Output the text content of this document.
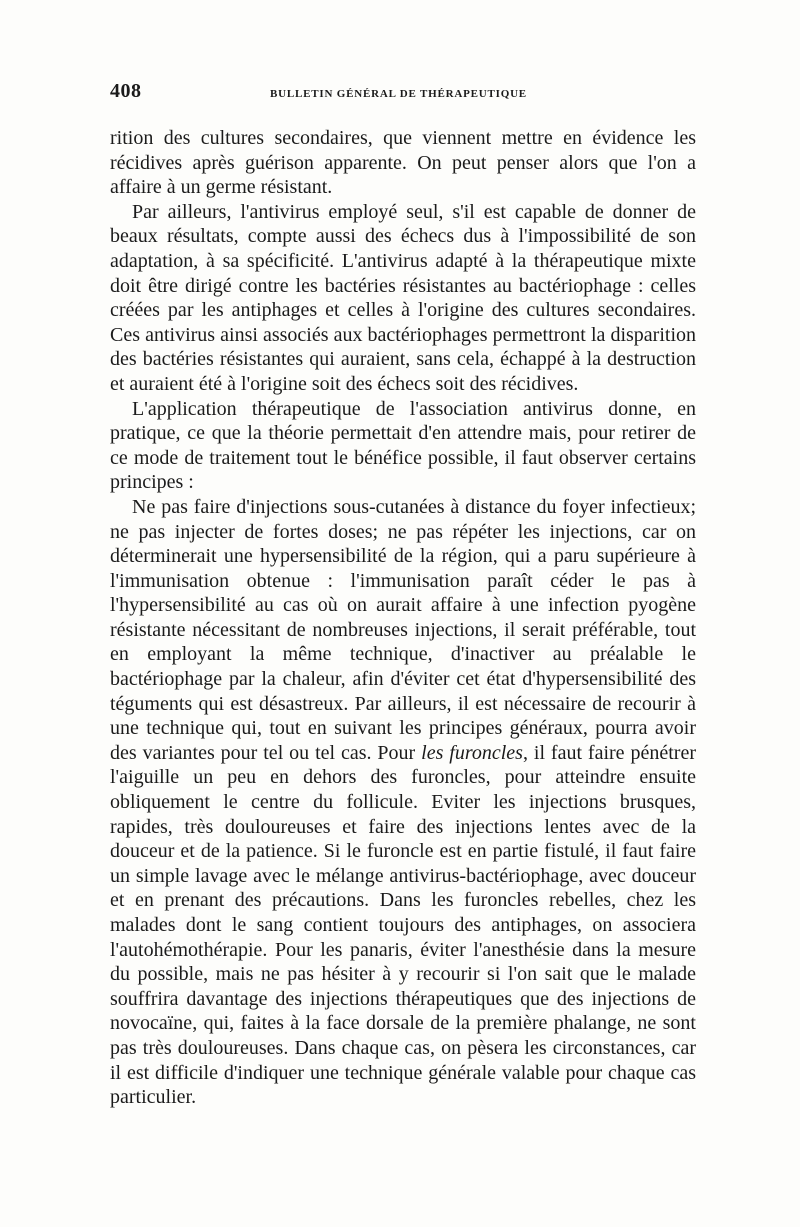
408	BULLETIN GÉNÉRAL DE THÉRAPEUTIQUE

rition des cultures secondaires, que viennent mettre en évidence les récidives après guérison apparente. On peut penser alors que l'on a affaire à un germe résistant.

Par ailleurs, l'antivirus employé seul, s'il est capable de donner de beaux résultats, compte aussi des échecs dus à l'impossibilité de son adaptation, à sa spécificité. L'antivirus adapté à la thérapeutique mixte doit être dirigé contre les bactéries résistantes au bactériophage : celles créées par les antiphages et celles à l'origine des cultures secondaires. Ces antivirus ainsi associés aux bactériophages permettront la disparition des bactéries résistantes qui auraient, sans cela, échappé à la destruction et auraient été à l'origine soit des échecs soit des récidives.

L'application thérapeutique de l'association antivirus donne, en pratique, ce que la théorie permettait d'en attendre mais, pour retirer de ce mode de traitement tout le bénéfice possible, il faut observer certains principes :

Ne pas faire d'injections sous-cutanées à distance du foyer infectieux; ne pas injecter de fortes doses; ne pas répéter les injections, car on déterminerait une hypersensibilité de la région, qui a paru supérieure à l'immunisation obtenue : l'immunisation paraît céder le pas à l'hypersensibilité au cas où on aurait affaire à une infection pyogène résistante nécessitant de nombreuses injections, il serait préférable, tout en employant la même technique, d'inactiver au préalable le bactériophage par la chaleur, afin d'éviter cet état d'hypersensibilité des téguments qui est désastreux. Par ailleurs, il est nécessaire de recourir à une technique qui, tout en suivant les principes généraux, pourra avoir des variantes pour tel ou tel cas. Pour les furoncles, il faut faire pénétrer l'aiguille un peu en dehors des furoncles, pour atteindre ensuite obliquement le centre du follicule. Eviter les injections brusques, rapides, très douloureuses et faire des injections lentes avec de la douceur et de la patience. Si le furoncle est en partie fistulé, il faut faire un simple lavage avec le mélange antivirus-bactériophage, avec douceur et en prenant des précautions. Dans les furoncles rebelles, chez les malades dont le sang contient toujours des antiphages, on associera l'autohémothérapie. Pour les panaris, éviter l'anesthésie dans la mesure du possible, mais ne pas hésiter à y recourir si l'on sait que le malade souffrira davantage des injections thérapeutiques que des injections de novocaïne, qui, faites à la face dorsale de la première phalange, ne sont pas très douloureuses. Dans chaque cas, on pèsera les circonstances, car il est difficile d'indiquer une technique générale valable pour chaque cas particulier.
